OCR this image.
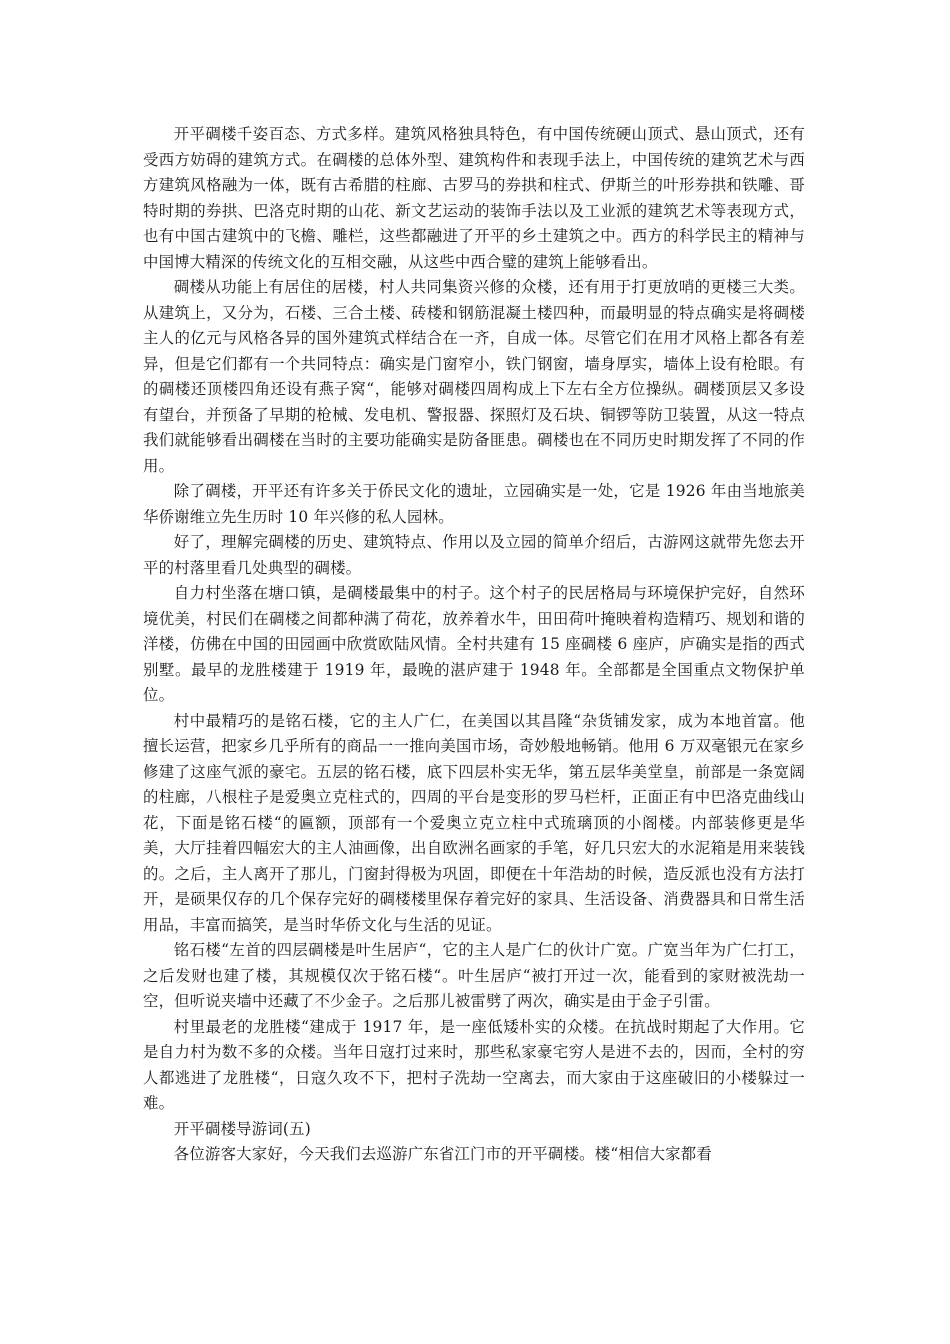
开平碉楼千姿百态、方式多样。建筑风格独具特色，有中国传统硬山顶式、悬山顶式，还有受西方妨碍的建筑方式。在碉楼的总体外型、建筑构件和表现手法上，中国传统的建筑艺术与西方建筑风格融为一体，既有古希腊的柱廊、古罗马的券拱和柱式、伊斯兰的叶形券拱和铁雕、哥特时期的券拱、巴洛克时期的山花、新文艺运动的装饰手法以及工业派的建筑艺术等表现方式，也有中国古建筑中的飞檐、雕栏，这些都融进了开平的乡土建筑之中。西方的科学民主的精神与中国博大精深的传统文化的互相交融，从这些中西合璧的建筑上能够看出。

碉楼从功能上有居住的居楼，村人共同集资兴修的众楼，还有用于打更放哨的更楼三大类。从建筑上，又分为，石楼、三合土楼、砖楼和钢筋混凝土楼四种，而最明显的特点确实是将碉楼主人的亿元与风格各异的国外建筑式样结合在一齐，自成一体。尽管它们在用才风格上都各有差异，但是它们都有一个共同特点：确实是门窗窄小，铁门钢窗，墙身厚实，墙体上设有枪眼。有的碉楼还顶楼四角还设有燕子窝“，能够对碉楼四周构成上下左右全方位操纵。碉楼顶层又多设有望台，并预备了早期的枪械、发电机、警报器、探照灯及石块、铜锣等防卫装置，从这一特点我们就能够看出碉楼在当时的主要功能确实是防备匪患。碉楼也在不同历史时期发挥了不同的作用。

除了碉楼，开平还有许多关于侨民文化的遗址，立园确实是一处，它是 1926 年由当地旅美华侨谢维立先生历时 10 年兴修的私人园林。

好了，理解完碉楼的历史、建筑特点、作用以及立园的简单介绍后，古游网这就带先您去开平的村落里看几处典型的碉楼。

自力村坐落在塘口镇，是碉楼最集中的村子。这个村子的民居格局与环境保护完好，自然环境优美，村民们在碉楼之间都种满了荷花，放养着水牛，田田荷叶掩映着构造精巧、规划和谐的洋楼，仿佛在中国的田园画中欣赏欧陆风情。全村共建有 15 座碉楼 6 座庐，庐确实是指的西式别墅。最早的龙胜楼建于 1919 年，最晚的湛庐建于 1948 年。全部都是全国重点文物保护单位。

村中最精巧的是铭石楼，它的主人广仁，在美国以其昌隆“杂货铺发家，成为本地首富。他擅长运营，把家乡几乎所有的商品一一推向美国市场，奇妙般地畅销。他用 6 万双毫银元在家乡修建了这座气派的豪宅。五层的铭石楼，底下四层朴实无华，第五层华美堂皇，前部是一条宽阔的柱廊，八根柱子是爱奥立克柱式的，四周的平台是变形的罗马栏杆，正面正有中巴洛克曲线山花，下面是铭石楼“的匾额，顶部有一个爱奥立克立柱中式琉璃顶的小阁楼。内部装修更是华美，大厅挂着四幅宏大的主人油画像，出自欧洲名画家的手笔，好几只宏大的水泥箱是用来装钱的。之后，主人离开了那儿，门窗封得极为巩固，即便在十年浩劫的时候，造反派也没有方法打开，是硕果仅存的几个保存完好的碉楼楼里保存着完好的家具、生活设备、消费器具和日常生活用品，丰富而搞笑，是当时华侨文化与生活的见证。

铭石楼“左首的四层碉楼是叶生居庐“，它的主人是广仁的伙计广宽。广宽当年为广仁打工，之后发财也建了楼，其规模仅次于铭石楼“。叶生居庐“被打开过一次，能看到的家财被洗劫一空，但听说夹墙中还藏了不少金子。之后那儿被雷劈了两次，确实是由于金子引雷。

村里最老的龙胜楼“建成于 1917 年，是一座低矮朴实的众楼。在抗战时期起了大作用。它是自力村为数不多的众楼。当年日寇打过来时，那些私家豪宅穷人是进不去的，因而，全村的穷人都逃进了龙胜楼“，日寇久攻不下，把村子洗劫一空离去，而大家由于这座破旧的小楼躲过一难。

开平碉楼导游词(五)

各位游客大家好，今天我们去巡游广东省江门市的开平碉楼。楼“相信大家都看
